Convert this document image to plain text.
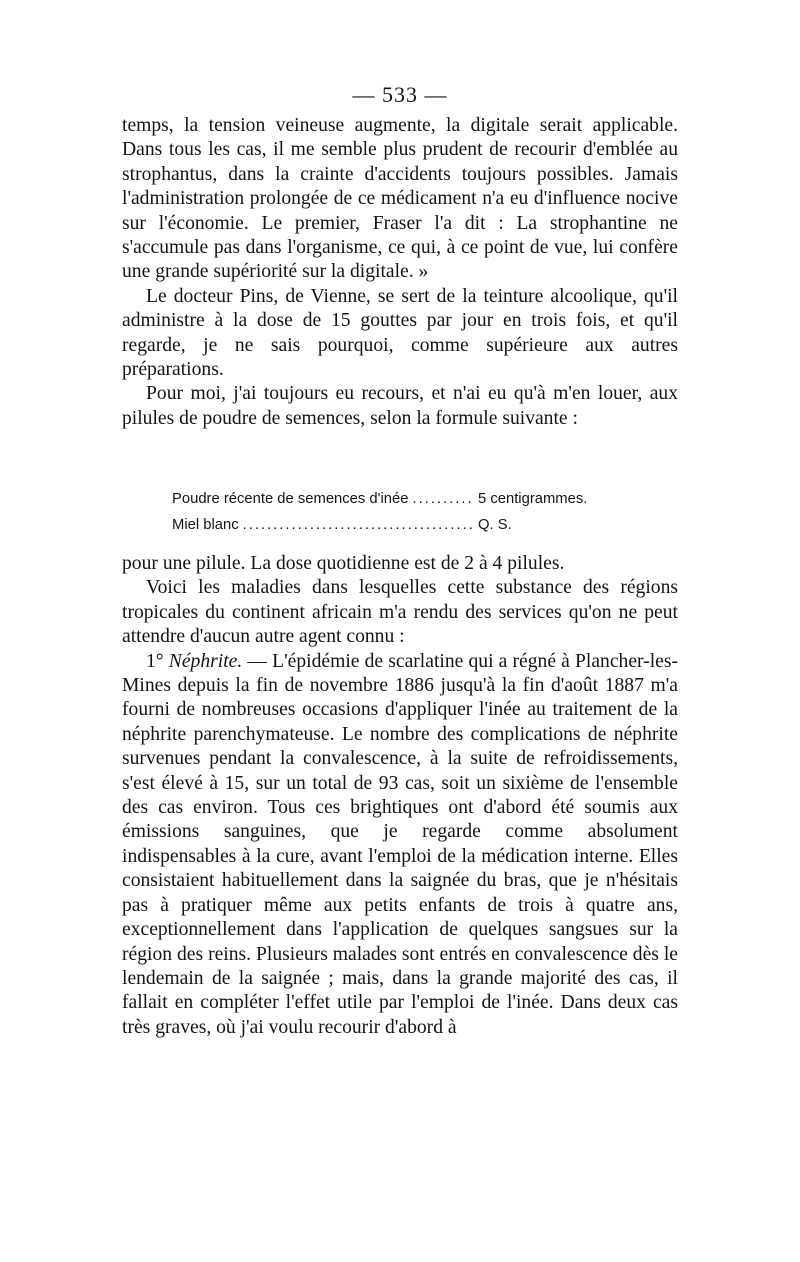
— 533 —

temps, la tension veineuse augmente, la digitale serait applicable. Dans tous les cas, il me semble plus prudent de recourir d'emblée au strophantus, dans la crainte d'accidents toujours possibles. Jamais l'administration prolongée de ce médicament n'a eu d'influence nocive sur l'économie. Le premier, Fraser l'a dit : La strophantine ne s'accumule pas dans l'organisme, ce qui, à ce point de vue, lui confère une grande supériorité sur la digitale. »

Le docteur Pins, de Vienne, se sert de la teinture alcoolique, qu'il administre à la dose de 15 gouttes par jour en trois fois, et qu'il regarde, je ne sais pourquoi, comme supérieure aux autres préparations.

Pour moi, j'ai toujours eu recours, et n'ai eu qu'à m'en louer, aux pilules de poudre de semences, selon la formule suivante :

Poudre récente de semences d'inée .....	5 centigrammes.
Miel blanc .....	Q. S.

pour une pilule. La dose quotidienne est de 2 à 4 pilules.

Voici les maladies dans lesquelles cette substance des régions tropicales du continent africain m'a rendu des services qu'on ne peut attendre d'aucun autre agent connu :

1° Néphrite. — L'épidémie de scarlatine qui a régné à Plancher-les-Mines depuis la fin de novembre 1886 jusqu'à la fin d'août 1887 m'a fourni de nombreuses occasions d'appliquer l'inée au traitement de la néphrite parenchymateuse. Le nombre des complications de néphrite survenues pendant la convalescence, à la suite de refroidissements, s'est élevé à 15, sur un total de 93 cas, soit un sixième de l'ensemble des cas environ. Tous ces brightiques ont d'abord été soumis aux émissions sanguines, que je regarde comme absolument indispensables à la cure, avant l'emploi de la médication interne. Elles consistaient habituellement dans la saignée du bras, que je n'hésitais pas à pratiquer même aux petits enfants de trois à quatre ans, exceptionnellement dans l'application de quelques sangsues sur la région des reins. Plusieurs malades sont entrés en convalescence dès le lendemain de la saignée ; mais, dans la grande majorité des cas, il fallait en compléter l'effet utile par l'emploi de l'inée. Dans deux cas très graves, où j'ai voulu recourir d'abord à
